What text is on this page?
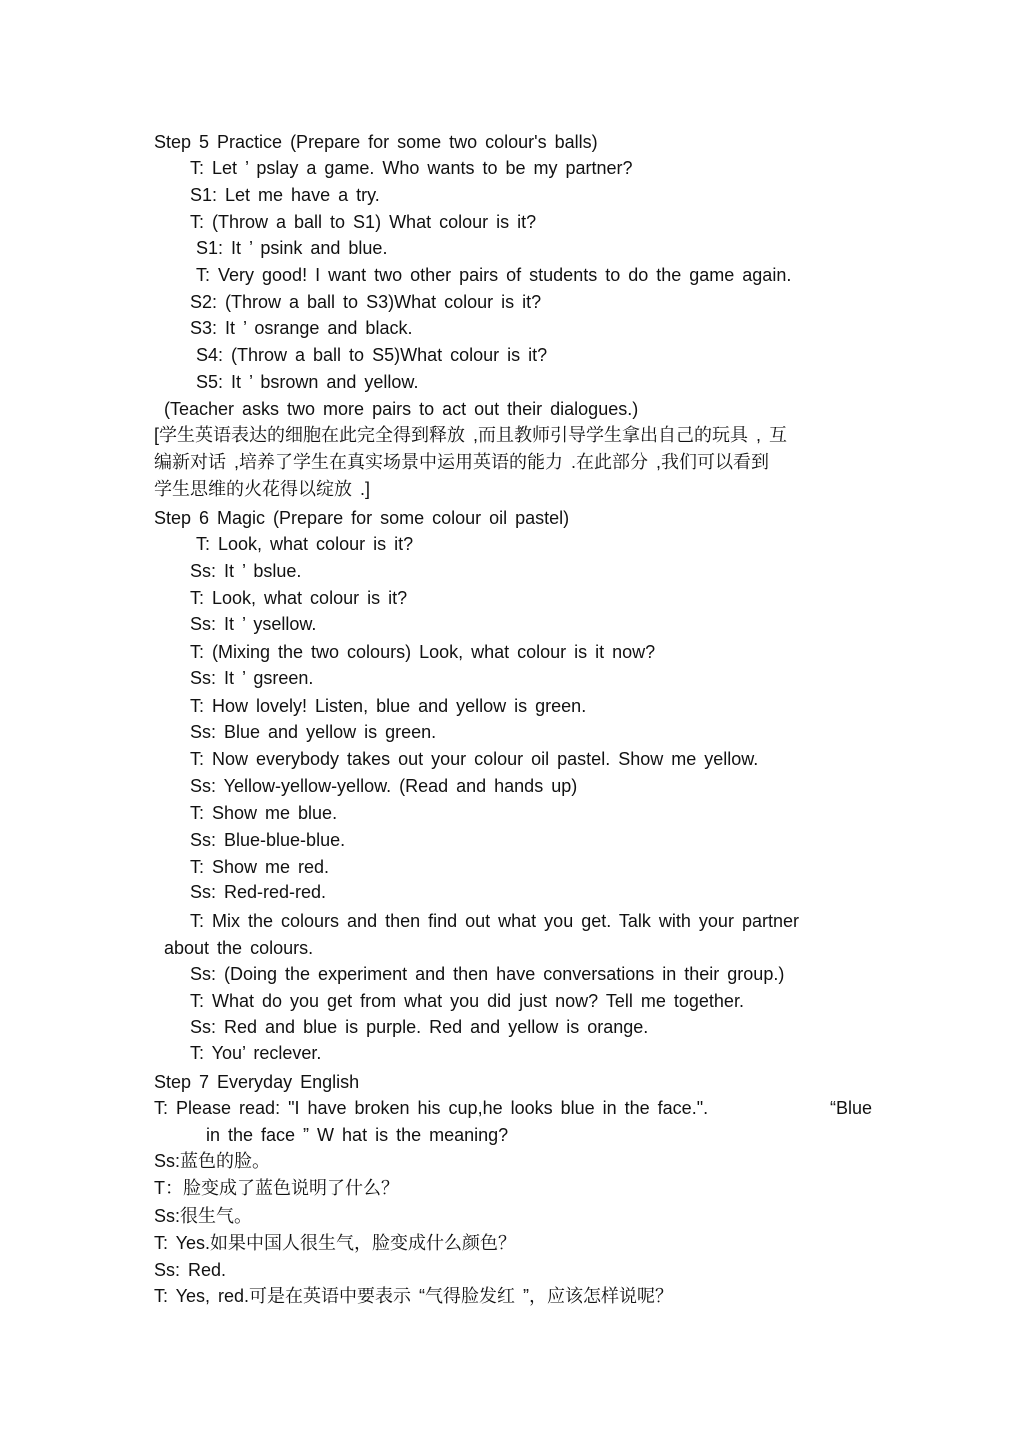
Step 5 Practice (Prepare for some two colour's balls)
T: Let ’ pslay a game. Who wants to be my partner?
S1: Let me have a try.
T: (Throw a ball to S1) What colour is it?
S1: It ’ psink and blue.
T: Very good! I want two other pairs of students to do the game again.
S2: (Throw a ball to S3)What colour is it?
S3: It ’ osrange and black.
S4: (Throw a ball to S5)What colour is it?
S5: It ’ bsrown and yellow.
(Teacher asks two more pairs to act out their dialogues.)
[学生英语表达的细胞在此完全得到释放 ,而且教师引导学生拿出自己的玩具 , 互
编新对话 ,培养了学生在真实场景中运用英语的能力 .在此部分 ,我们可以看到
学生思维的火花得以绽放 .]
Step 6 Magic (Prepare for some colour oil pastel)
T: Look, what colour is it?
Ss: It ’ bslue.
T: Look, what colour is it?
Ss: It ’ ysellow.
T: (Mixing the two colours) Look, what colour is it now?
Ss: It ’ gsreen.
T: How lovely! Listen, blue and yellow is green.
Ss: Blue and yellow is green.
T: Now everybody takes out your colour oil pastel. Show me yellow.
Ss: Yellow-yellow-yellow. (Read and hands up)
T: Show me blue.
Ss: Blue-blue-blue.
T: Show me red.
Ss: Red-red-red.
T: Mix the colours and then find out what you get. Talk with your partner
about the colours.
Ss: (Doing the experiment and then have conversations in their group.)
T: What do you get from what you did just now? Tell me together.
Ss: Red and blue is purple. Red and yellow is orange.
T: You’ reclever.
Step 7 Everyday English
T: Please read: "I have broken his cup,he looks blue in the face.".	“Blue
in the face ” W hat is the meaning?
Ss:蓝色的脸。
T：脸变成了蓝色说明了什么？
Ss:很生气。
T: Yes.如果中国人很生气，脸变成什么颜色？
Ss: Red.
T: Yes, red.可是在英语中要表示 “气得脸发红 ”，应该怎样说呢？
